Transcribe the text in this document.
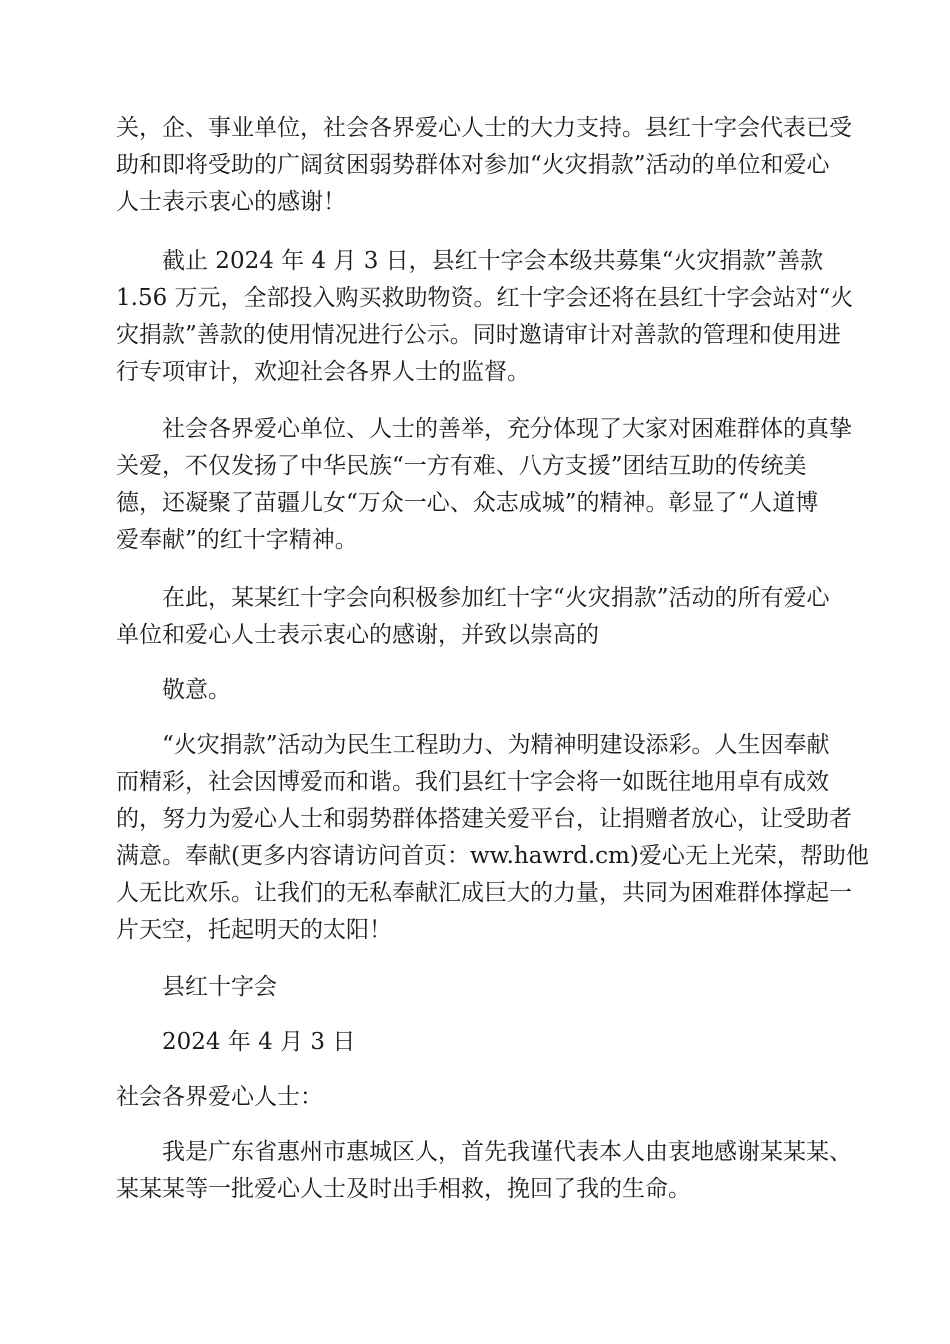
关，企、事业单位，社会各界爱心人士的大力支持。县红十字会代表已受
助和即将受助的广阔贫困弱势群体对参加“火灾捐款”活动的单位和爱心
人士表示衷心的感谢！
　　截止 2024 年 4 月 3 日，县红十字会本级共募集“火灾捐款”善款
1.56 万元，全部投入购买救助物资。红十字会还将在县红十字会站对“火
灾捐款”善款的使用情况进行公示。同时邀请审计对善款的管理和使用进
行专项审计，欢迎社会各界人士的监督。
　　社会各界爱心单位、人士的善举，充分体现了大家对困难群体的真挚
关爱，不仅发扬了中华民族“一方有难、八方支援”团结互助的传统美
德，还凝聚了苗疆儿女“万众一心、众志成城”的精神。彰显了“人道博
爱奉献”的红十字精神。
　　在此，某某红十字会向积极参加红十字“火灾捐款”活动的所有爱心
单位和爱心人士表示衷心的感谢，并致以崇高的
　　敬意。
　　“火灾捐款”活动为民生工程助力、为精神明建设添彩。人生因奉献
而精彩，社会因博爱而和谐。我们县红十字会将一如既往地用卓有成效
的，努力为爱心人士和弱势群体搭建关爱平台，让捐赠者放心，让受助者
满意。奉献(更多内容请访问首页：ww.hawrd.cm)爱心无上光荣，帮助他
人无比欢乐。让我们的无私奉献汇成巨大的力量，共同为困难群体撑起一
片天空，托起明天的太阳！
　　县红十字会
　　2024 年 4 月 3 日
社会各界爱心人士：
　　我是广东省惠州市惠城区人，首先我谨代表本人由衷地感谢某某某、
某某某等一批爱心人士及时出手相救，挽回了我的生命。
